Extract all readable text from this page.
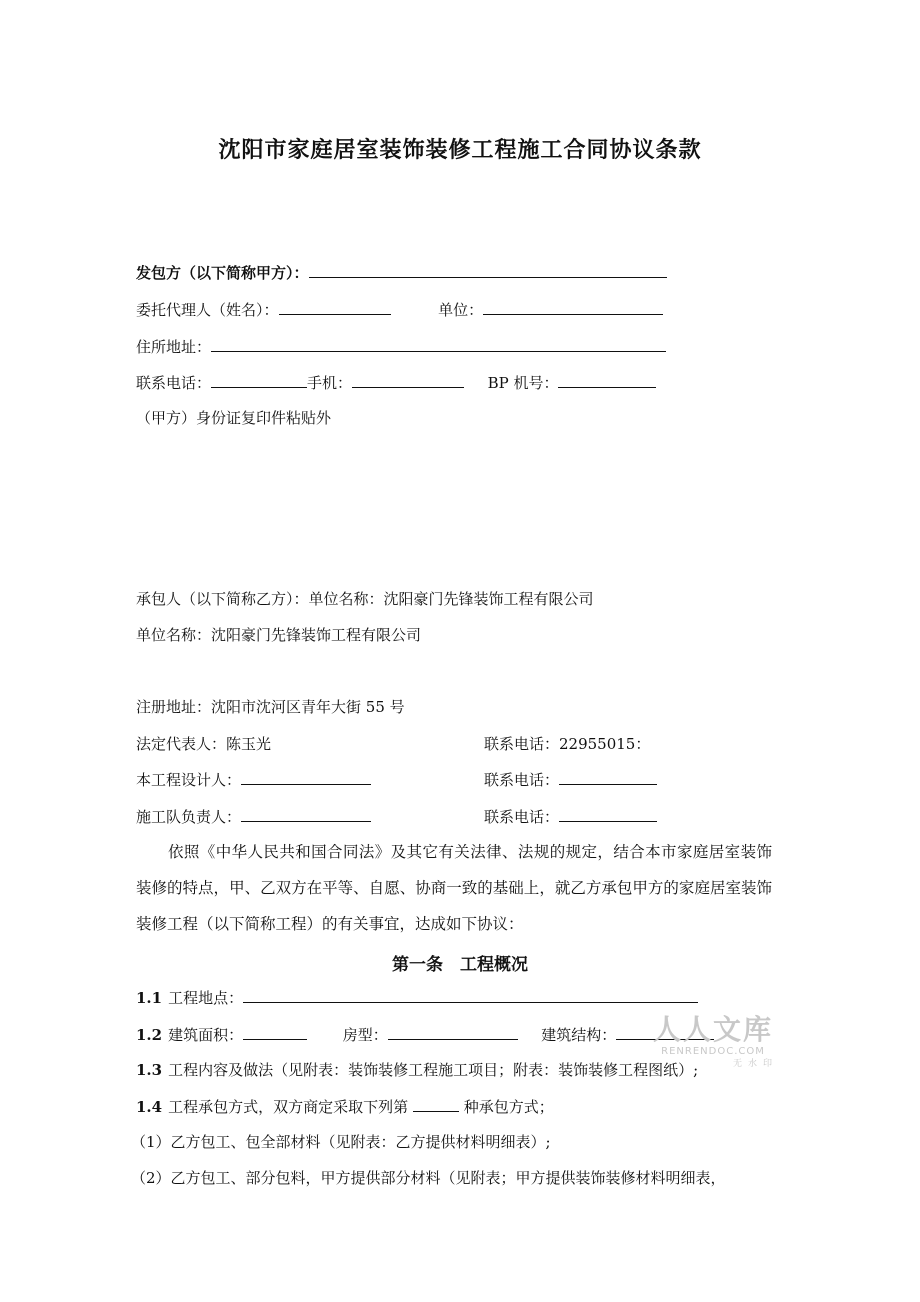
沈阳市家庭居室装饰装修工程施工合同协议条款
发包方（以下简称甲方）：
委托代理人（姓名）：	单位：
住所地址：
联系电话：	手机：	BP 机号：
（甲方）身份证复印件粘贴外
承包人（以下简称乙方）：单位名称：沈阳豪门先锋装饰工程有限公司
单位名称：沈阳豪门先锋装饰工程有限公司
注册地址：沈阳市沈河区青年大街 55 号
法定代表人：陈玉光	联系电话：22955015：
本工程设计人：	联系电话：
施工队负责人：	联系电话：
依照《中华人民共和国合同法》及其它有关法律、法规的规定，结合本市家庭居室装饰装修的特点，甲、乙双方在平等、自愿、协商一致的基础上，就乙方承包甲方的家庭居室装饰装修工程（以下简称工程）的有关事宜，达成如下协议：
第一条　工程概况
1.1 工程地点：
1.2 建筑面积：	房型：	建筑结构：
1.3 工程内容及做法（见附表：装饰装修工程施工项目；附表：装饰装修工程图纸）;
1.4 工程承包方式，双方商定采取下列第	种承包方式；
（1）乙方包工、包全部材料（见附表：乙方提供材料明细表）;
（2）乙方包工、部分包料，甲方提供部分材料（见附表；甲方提供装饰装修材料明细表，
人人文库
RENRENDOC.COM
无水印
